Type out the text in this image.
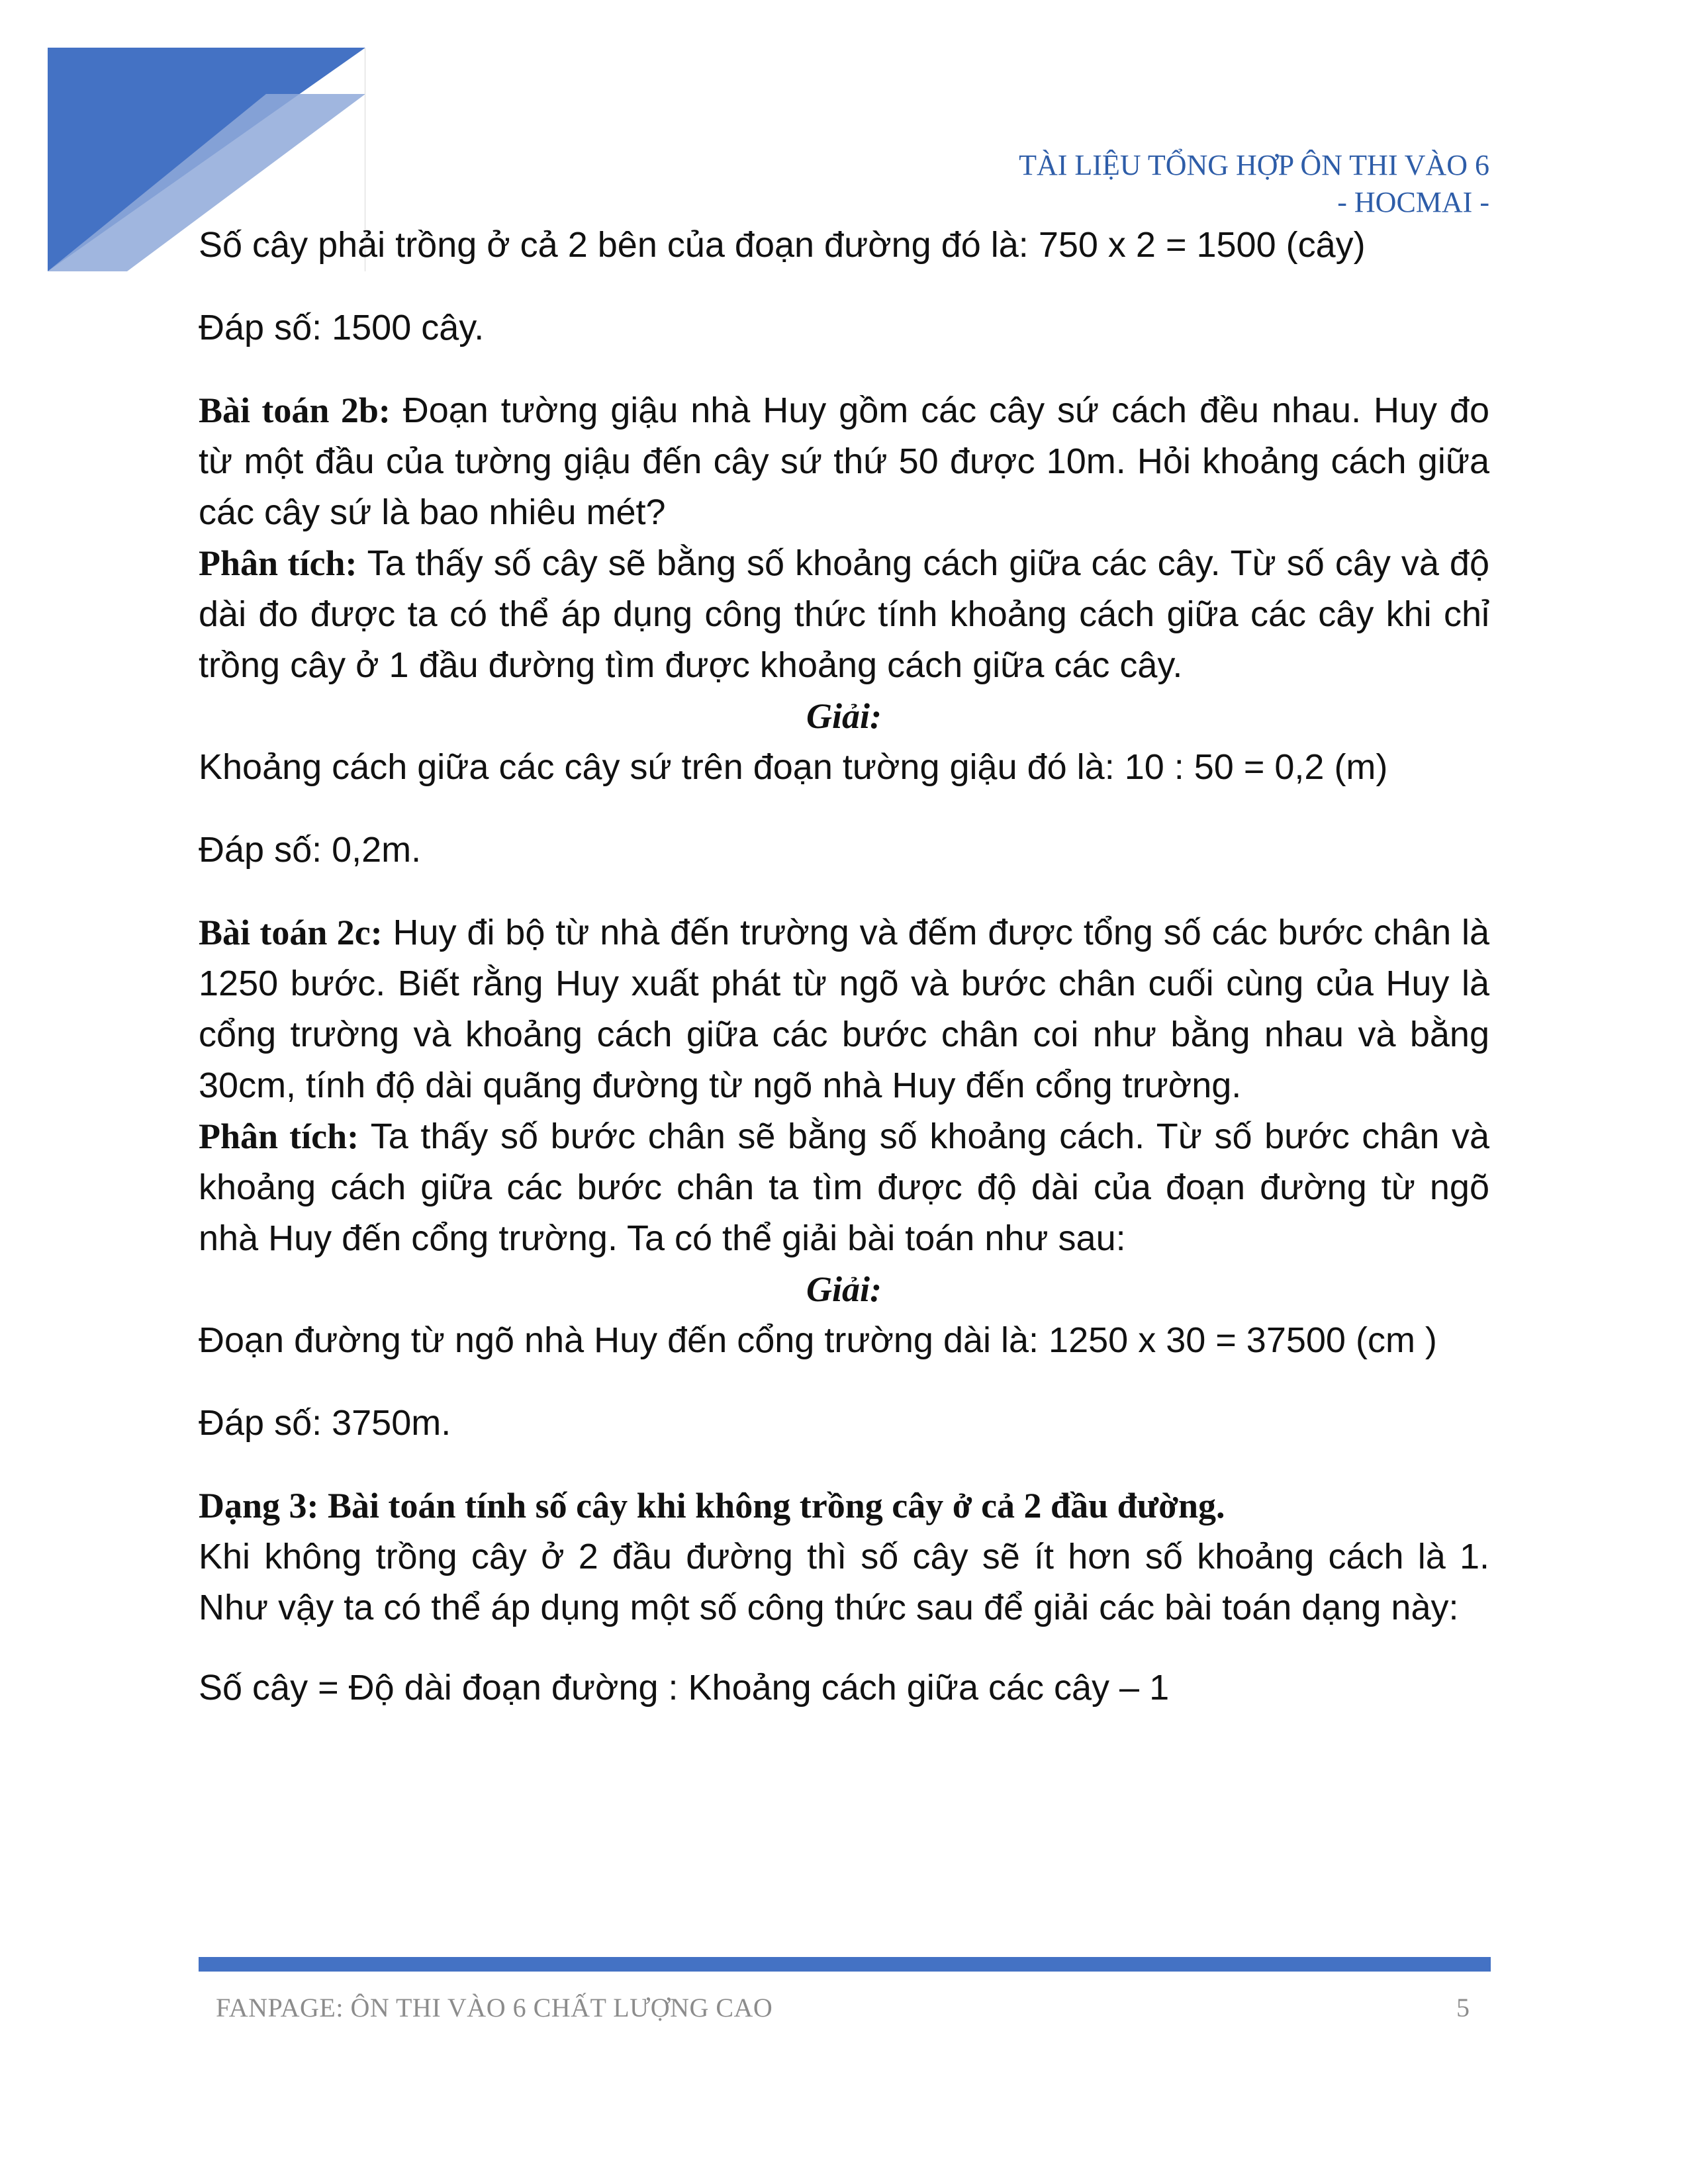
TÀI LIỆU TỔNG HỢP ÔN THI VÀO 6
- HOCMAI -

Số cây phải trồng ở cả 2 bên của đoạn đường đó là: 750 x 2 = 1500 (cây)

Đáp số: 1500 cây.

Bài toán 2b: Đoạn tường giậu nhà Huy gồm các cây sứ cách đều nhau. Huy đo từ một đầu của tường giậu đến cây sứ thứ 50 được 10m. Hỏi khoảng cách giữa các cây sứ là bao nhiêu mét?

Phân tích: Ta thấy số cây sẽ bằng số khoảng cách giữa các cây. Từ số cây và độ dài đo được ta có thể áp dụng công thức tính khoảng cách giữa các cây khi chỉ trồng cây ở 1 đầu đường tìm được khoảng cách giữa các cây.

Giải:

Khoảng cách giữa các cây sứ trên đoạn tường giậu đó là: 10 : 50 = 0,2 (m)

Đáp số: 0,2m.

Bài toán 2c: Huy đi bộ từ nhà đến trường và đếm được tổng số các bước chân là 1250 bước. Biết rằng Huy xuất phát từ ngõ và bước chân cuối cùng của Huy là cổng trường và khoảng cách giữa các bước chân coi như bằng nhau và bằng 30cm, tính độ dài quãng đường từ ngõ nhà Huy đến cổng trường.

Phân tích: Ta thấy số bước chân sẽ bằng số khoảng cách. Từ số bước chân và khoảng cách giữa các bước chân ta tìm được độ dài của đoạn đường từ ngõ nhà Huy đến cổng trường. Ta có thể giải bài toán như sau:

Giải:

Đoạn đường từ ngõ nhà Huy đến cổng trường dài là: 1250 x 30 = 37500 (cm )

Đáp số: 3750m.

Dạng 3: Bài toán tính số cây khi không trồng cây ở cả 2 đầu đường.

Khi không trồng cây ở 2 đầu đường thì số cây sẽ ít hơn số khoảng cách là 1. Như vậy ta có thể áp dụng một số công thức sau để giải các bài toán dạng này:

Số cây = Độ dài đoạn đường : Khoảng cách giữa các cây – 1

FANPAGE: ÔN THI VÀO 6 CHẤT LƯỢNG CAO	5
